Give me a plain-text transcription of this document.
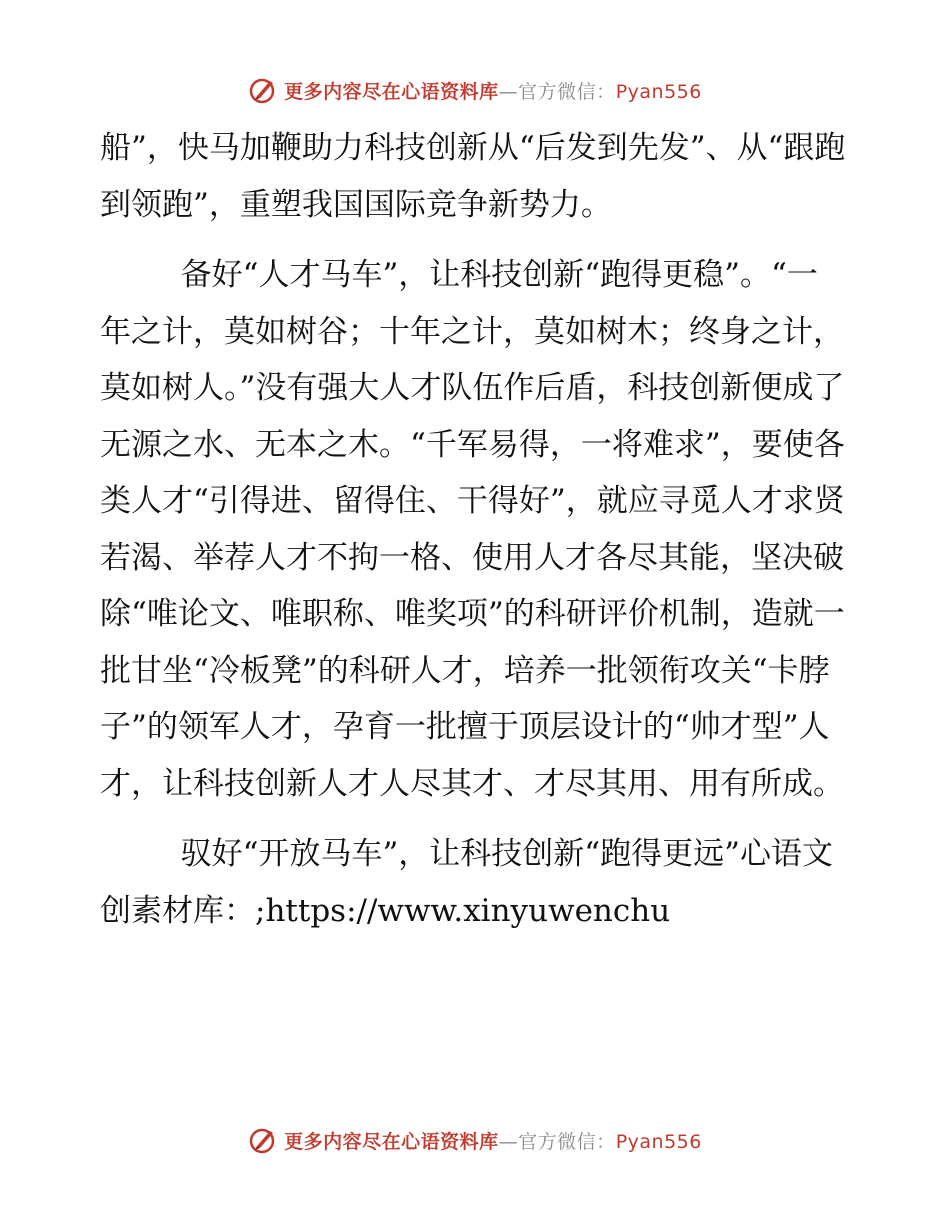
更多内容尽在心语资料库—官方微信：Pyan556

船”，快马加鞭助力科技创新从“后发到先发”、从“跟跑到领跑”，重塑我国国际竞争新势力。

备好“人才马车”，让科技创新“跑得更稳”。“一年之计，莫如树谷；十年之计，莫如树木；终身之计，莫如树人。”没有强大人才队伍作后盾，科技创新便成了无源之水、无本之木。“千军易得，一将难求”，要使各类人才“引得进、留得住、干得好”，就应寻觅人才求贤若渴、举荐人才不拘一格、使用人才各尽其能，坚决破除“唯论文、唯职称、唯奖项”的科研评价机制，造就一批甘坐“冷板凳”的科研人才，培养一批领衔攻关“卡脖子”的领军人才，孕育一批擅于顶层设计的“帅才型”人才，让科技创新人才人尽其才、才尽其用、用有所成。

驭好“开放马车”，让科技创新“跑得更远”心语文创素材库：;https://www.xinyuwenchu

更多内容尽在心语资料库—官方微信：Pyan556
